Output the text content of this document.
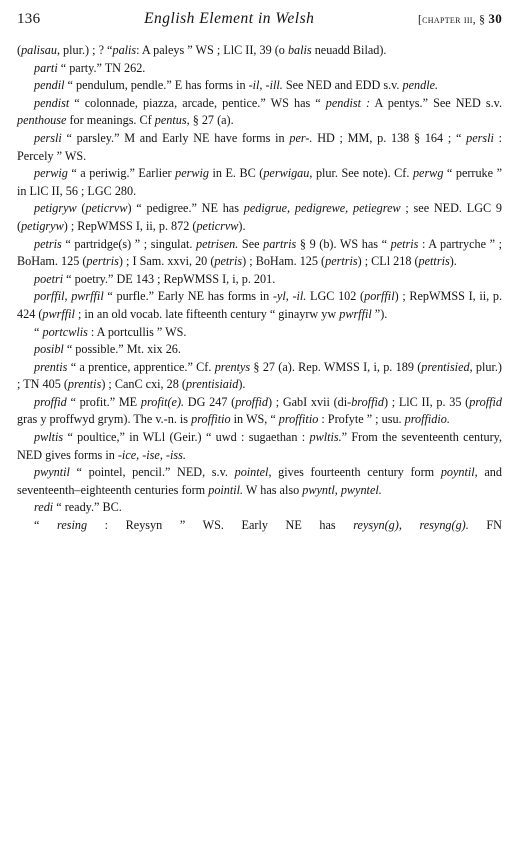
136	English Element in Welsh	[chapter iii, § 30

(palisau, plur.) ; ? “palis: A paleys ” WS ; LlC II, 39 (o balis neuadd Bilad).

parti “ party.” TN 262.

pendil “ pendulum, pendle.” E has forms in -il, -ill. See NED and EDD s.v. pendle.

pendist “ colonnade, piazza, arcade, pentice.” WS has “ pendist : A pentys.” See NED s.v. penthouse for meanings. Cf pentus, § 27 (a).

persli “ parsley.” M and Early NE have forms in per-. HD ; MM, p. 138 § 164 ; “ persli : Percely ” WS.

perwig “ a periwig.” Earlier perwig in E. BC (perwigau, plur. See note). Cf. perwg “ perruke ” in LlC II, 56 ; LGC 280.

petigryw (peticrvw) “ pedigree.” NE has pedigrue, pedigrewe, petiegrew ; see NED. LGC 9 (petigryw) ; RepWMSS I, ii, p. 872 (peticrvw).

petris “ partridge(s) ” ; singulat. petrisen. See partris § 9 (b). WS has “ petris : A partryche ” ; BoHam. 125 (pertris) ; I Sam. xxvi, 20 (petris) ; BoHam. 125 (pertris) ; CLl 218 (pettris).

poetri “ poetry.” DE 143 ; RepWMSS I, i, p. 201.

porffil, pwrffil “ purfle.” Early NE has forms in -yl, -il. LGC 102 (porffil) ; RepWMSS I, ii, p. 424 (pwrffil ; in an old vocab. late fifteenth century “ ginayrw yw pwrffil ”).

“ portcwlis : A portcullis ” WS.

posibl “ possible.” Mt. xix 26.

prentis “ a prentice, apprentice.” Cf. prentys § 27 (a). Rep. WMSS I, i, p. 189 (prentisied, plur.) ; TN 405 (prentis) ; CanC cxi, 28 (prentisiaid).

proffid “ profit.” ME profit(e). DG 247 (proffid) ; GabI xvii (di-broffid) ; LlC II, p. 35 (proffid gras y proffwyd grym). The v.-n. is proffitio in WS, “ proffitio : Profyte ” ; usu. proffidio.

pwltis “ poultice,” in WLl (Geir.) “ uwd : sugaethan : pwltis.” From the seventeenth century, NED gives forms in -ice, -ise, -iss.

pwyntil “ pointel, pencil.” NED, s.v. pointel, gives fourteenth century form poyntil, and seventeenth–eighteenth centuries form pointil. W has also pwyntl, pwyntel.

redi “ ready.” BC.

“ resing : Reysyn ” WS. Early NE has reysyn(g), resyng(g). FN
